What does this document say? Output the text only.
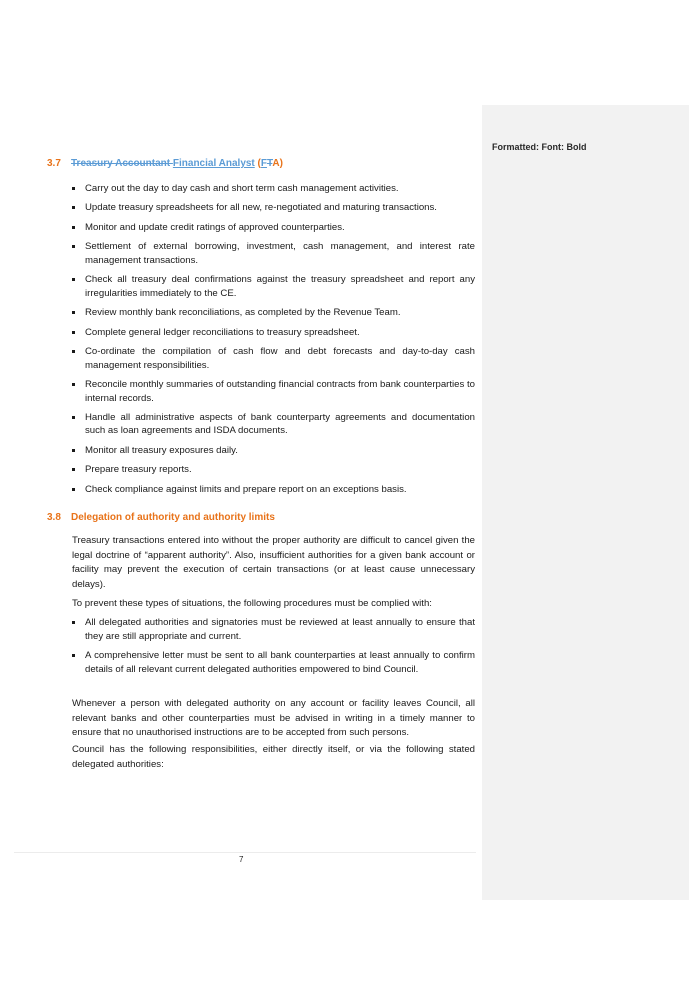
Formatted: Font: Bold
3.7 Treasury Accountant Financial Analyst (FTA)
Carry out the day to day cash and short term cash management activities.
Update treasury spreadsheets for all new, re-negotiated and maturing transactions.
Monitor and update credit ratings of approved counterparties.
Settlement of external borrowing, investment, cash management, and interest rate management transactions.
Check all treasury deal confirmations against the treasury spreadsheet and report any irregularities immediately to the CE.
Review monthly bank reconciliations, as completed by the Revenue Team.
Complete general ledger reconciliations to treasury spreadsheet.
Co-ordinate the compilation of cash flow and debt forecasts and day-to-day cash management responsibilities.
Reconcile monthly summaries of outstanding financial contracts from bank counterparties to internal records.
Handle all administrative aspects of bank counterparty agreements and documentation such as loan agreements and ISDA documents.
Monitor all treasury exposures daily.
Prepare treasury reports.
Check compliance against limits and prepare report on an exceptions basis.
3.8 Delegation of authority and authority limits

Treasury transactions entered into without the proper authority are difficult to cancel given the legal doctrine of “apparent authority”. Also, insufficient authorities for a given bank account or facility may prevent the execution of certain transactions (or at least cause unnecessary delays).

To prevent these types of situations, the following procedures must be complied with:

All delegated authorities and signatories must be reviewed at least annually to ensure that they are still appropriate and current.
A comprehensive letter must be sent to all bank counterparties at least annually to confirm details of all relevant current delegated authorities empowered to bind Council.

Whenever a person with delegated authority on any account or facility leaves Council, all relevant banks and other counterparties must be advised in writing in a timely manner to ensure that no unauthorised instructions are to be accepted from such persons.

Council has the following responsibilities, either directly itself, or via the following stated delegated authorities:

7
